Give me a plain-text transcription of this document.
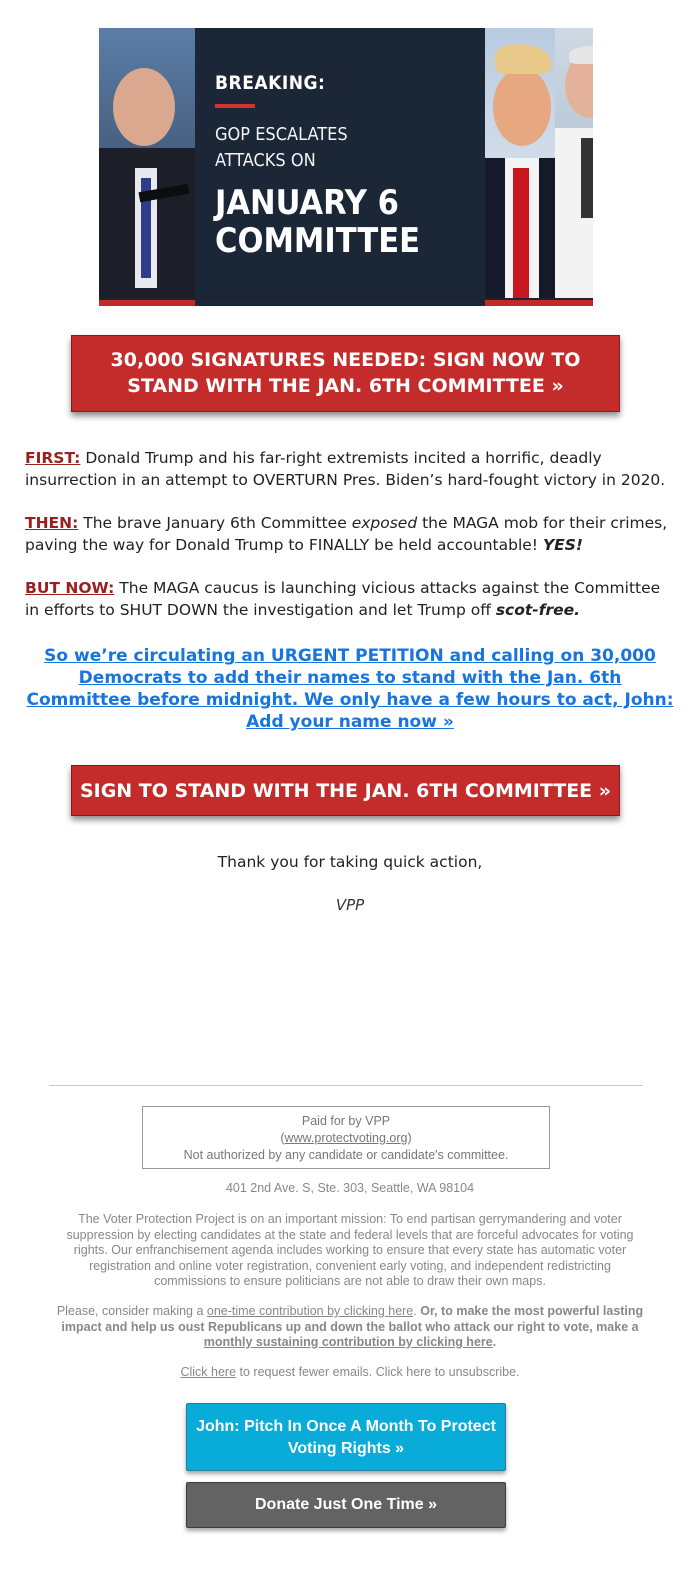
BREAKING:
GOP ESCALATES
ATTACKS ON
JANUARY 6
COMMITTEE
30,000 SIGNATURES NEEDED: SIGN NOW TO STAND WITH THE JAN. 6TH COMMITTEE »
FIRST: Donald Trump and his far-right extremists incited a horrific, deadly insurrection in an attempt to OVERTURN Pres. Biden’s hard-fought victory in 2020.
THEN: The brave January 6th Committee exposed the MAGA mob for their crimes, paving the way for Donald Trump to FINALLY be held accountable! YES!
BUT NOW: The MAGA caucus is launching vicious attacks against the Committee in efforts to SHUT DOWN the investigation and let Trump off scot-free.
So we’re circulating an URGENT PETITION and calling on 30,000 Democrats to add their names to stand with the Jan. 6th Committee before midnight. We only have a few hours to act, John: Add your name now »
SIGN TO STAND WITH THE JAN. 6TH COMMITTEE »
Thank you for taking quick action,
VPP
Paid for by VPP
(www.protectvoting.org)
Not authorized by any candidate or candidate's committee.
401 2nd Ave. S, Ste. 303, Seattle, WA 98104
The Voter Protection Project is on an important mission: To end partisan gerrymandering and voter suppression by electing candidates at the state and federal levels that are forceful advocates for voting rights. Our enfranchisement agenda includes working to ensure that every state has automatic voter registration and online voter registration, convenient early voting, and independent redistricting commissions to ensure politicians are not able to draw their own maps.
Please, consider making a one-time contribution by clicking here. Or, to make the most powerful lasting impact and help us oust Republicans up and down the ballot who attack our right to vote, make a monthly sustaining contribution by clicking here.
Click here to request fewer emails. Click here to unsubscribe.
John: Pitch In Once A Month To Protect Voting Rights »
Donate Just One Time »
